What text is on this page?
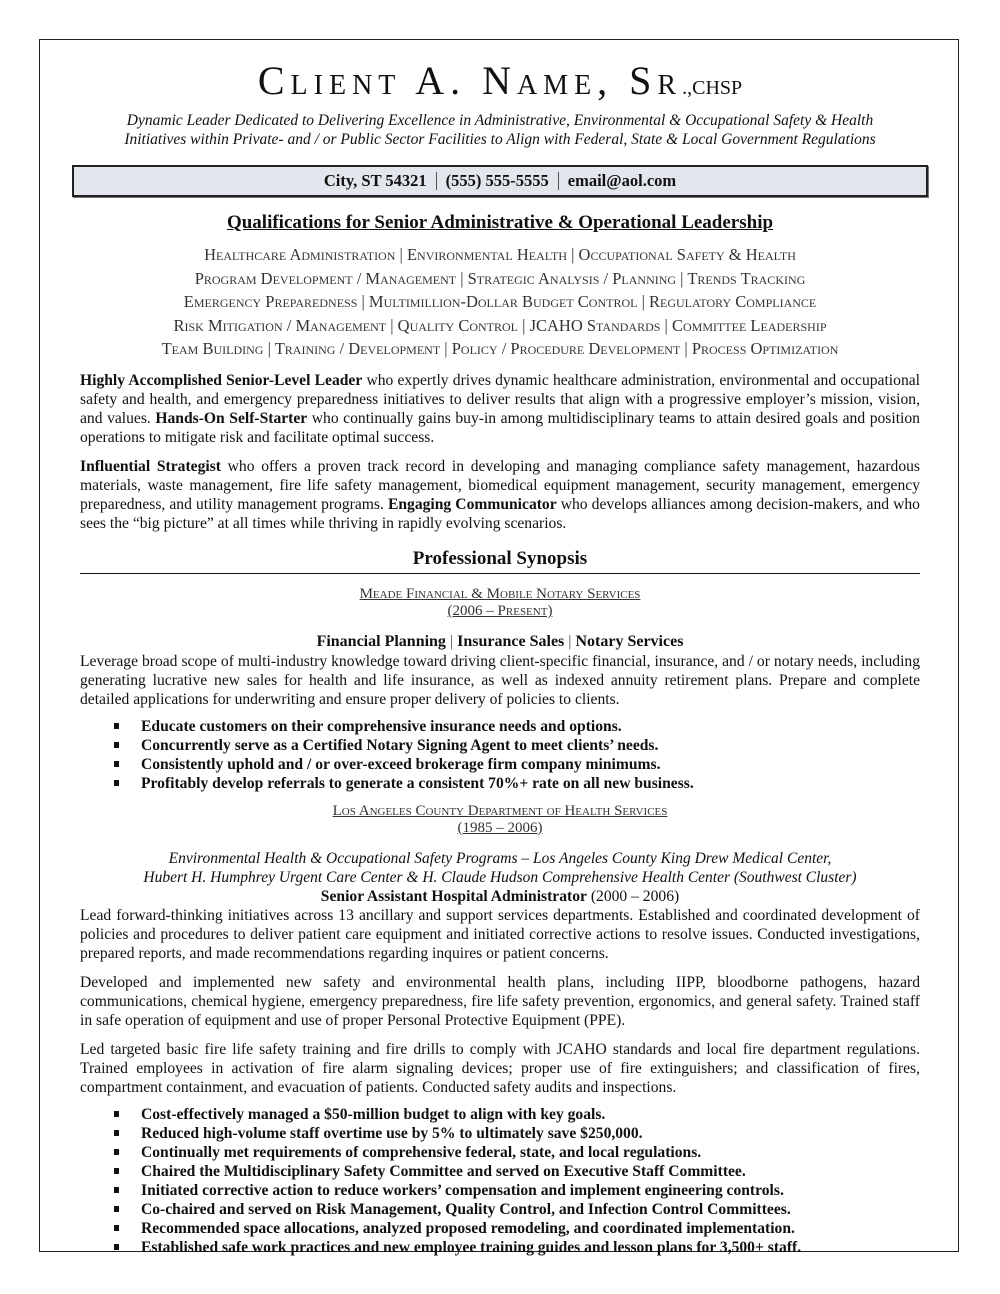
Client A. Name, Sr.,CHSP

Dynamic Leader Dedicated to Delivering Excellence in Administrative, Environmental & Occupational Safety & Health

Initiatives within Private- and / or Public Sector Facilities to Align with Federal, State & Local Government Regulations

City, ST 54321 (555) 555-5555 email@aol.com
Qualifications for Senior Administrative & Operational Leadership
Healthcare Administration | Environmental Health | Occupational Safety & Health
Program Development / Management | Strategic Analysis / Planning | Trends Tracking
Emergency Preparedness | Multimillion-Dollar Budget Control | Regulatory Compliance
Risk Mitigation / Management | Quality Control | JCAHO Standards | Committee Leadership
Team Building | Training / Development | Policy / Procedure Development | Process Optimization

Highly Accomplished Senior-Level Leader who expertly drives dynamic healthcare administration, environmental and occupational safety and health, and emergency preparedness initiatives to deliver results that align with a progressive employer’s mission, vision, and values. Hands-On Self-Starter who continually gains buy-in among multidisciplinary teams to attain desired goals and position operations to mitigate risk and facilitate optimal success.

Influential Strategist who offers a proven track record in developing and managing compliance safety management, hazardous materials, waste management, fire life safety management, biomedical equipment management, security management, emergency preparedness, and utility management programs. Engaging Communicator who develops alliances among decision-makers, and who sees the “big picture” at all times while thriving in rapidly evolving scenarios.

Professional Synopsis
Meade Financial & Mobile Notary Services
(2006 – Present)
Financial Planning | Insurance Sales | Notary Services

Leverage broad scope of multi-industry knowledge toward driving client-specific financial, insurance, and / or notary needs, including generating lucrative new sales for health and life insurance, as well as indexed annuity retirement plans. Prepare and complete detailed applications for underwriting and ensure proper delivery of policies to clients.

Educate customers on their comprehensive insurance needs and options.
Concurrently serve as a Certified Notary Signing Agent to meet clients’ needs.
Consistently uphold and / or over-exceed brokerage firm company minimums.
Profitably develop referrals to generate a consistent 70%+ rate on all new business.
Los Angeles County Department of Health Services
(1985 – 2006)
Environmental Health & Occupational Safety Programs – Los Angeles County King Drew Medical Center,
Hubert H. Humphrey Urgent Care Center & H. Claude Hudson Comprehensive Health Center (Southwest Cluster)
Senior Assistant Hospital Administrator (2000 – 2006)

Lead forward-thinking initiatives across 13 ancillary and support services departments. Established and coordinated development of policies and procedures to deliver patient care equipment and initiated corrective actions to resolve issues. Conducted investigations, prepared reports, and made recommendations regarding inquires or patient concerns.

Developed and implemented new safety and environmental health plans, including IIPP, bloodborne pathogens, hazard communications, chemical hygiene, emergency preparedness, fire life safety prevention, ergonomics, and general safety. Trained staff in safe operation of equipment and use of proper Personal Protective Equipment (PPE).

Led targeted basic fire life safety training and fire drills to comply with JCAHO standards and local fire department regulations. Trained employees in activation of fire alarm signaling devices; proper use of fire extinguishers; and classification of fires, compartment containment, and evacuation of patients. Conducted safety audits and inspections.

Cost-effectively managed a $50-million budget to align with key goals.
Reduced high-volume staff overtime use by 5% to ultimately save $250,000.
Continually met requirements of comprehensive federal, state, and local regulations.
Chaired the Multidisciplinary Safety Committee and served on Executive Staff Committee.
Initiated corrective action to reduce workers’ compensation and implement engineering controls.
Co-chaired and served on Risk Management, Quality Control, and Infection Control Committees.
Recommended space allocations, analyzed proposed remodeling, and coordinated implementation.
Established safe work practices and new employee training guides and lesson plans for 3,500+ staff.
